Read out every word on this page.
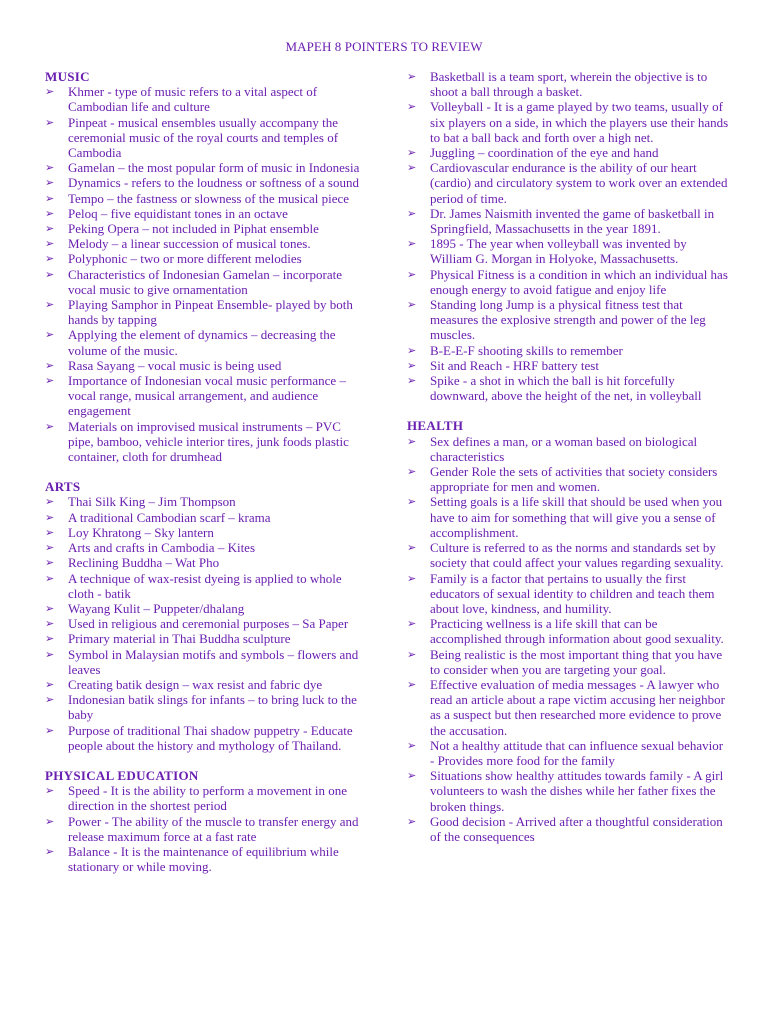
MAPEH 8 POINTERS TO REVIEW
MUSIC
➢	Khmer - type of music refers to a vital aspect of Cambodian life and culture
➢	Pinpeat - musical ensembles usually accompany the ceremonial music of the royal courts and temples of Cambodia
➢	Gamelan – the most popular form of music in Indonesia
➢	Dynamics - refers to the loudness or softness of a sound
➢	Tempo – the fastness or slowness of the musical piece
➢	Peloq – five equidistant tones in an octave
➢	Peking Opera – not included in Piphat ensemble
➢	Melody – a linear succession of musical tones.
➢	Polyphonic – two or more different melodies
➢	Characteristics of Indonesian Gamelan – incorporate vocal music to give ornamentation
➢	Playing Samphor in Pinpeat Ensemble- played by both hands by tapping
➢	Applying the element of dynamics – decreasing the volume of the music.
➢	Rasa Sayang – vocal music is being used
➢	Importance of Indonesian vocal music performance – vocal range, musical arrangement, and audience engagement
➢	Materials on improvised musical instruments – PVC pipe, bamboo, vehicle interior tires, junk foods plastic container, cloth for drumhead
ARTS
➢	Thai Silk King – Jim Thompson
➢	A traditional Cambodian scarf – krama
➢	Loy Khratong – Sky lantern
➢	Arts and crafts in Cambodia – Kites
➢	Reclining Buddha – Wat Pho
➢	A technique of wax-resist dyeing is applied to whole cloth - batik
➢	Wayang Kulit – Puppeter/dhalang
➢	Used in religious and ceremonial purposes – Sa Paper
➢	Primary material in Thai Buddha sculpture
➢	Symbol in Malaysian motifs and symbols – flowers and leaves
➢	Creating batik design – wax resist and fabric dye
➢	Indonesian batik slings for infants – to bring luck to the baby
➢	Purpose of traditional Thai shadow puppetry - Educate people about the history and mythology of Thailand.
PHYSICAL EDUCATION
➢	Speed - It is the ability to perform a movement in one direction in the shortest period
➢	Power - The ability of the muscle to transfer energy and release maximum force at a fast rate
➢	Balance - It is the maintenance of equilibrium while stationary or while moving.
➢	Basketball is a team sport, wherein the objective is to shoot a ball through a basket.
➢	Volleyball - It is a game played by two teams, usually of six players on a side, in which the players use their hands to bat a ball back and forth over a high net.
➢	Juggling – coordination of the eye and hand
➢	Cardiovascular endurance is the ability of our heart (cardio) and circulatory system to work over an extended period of time.
➢	Dr. James Naismith invented the game of basketball in Springfield, Massachusetts in the year 1891.
➢	1895 - The year when volleyball was invented by William G. Morgan in Holyoke, Massachusetts.
➢	Physical Fitness is a condition in which an individual has enough energy to avoid fatigue and enjoy life
➢	Standing long Jump is a physical fitness test that measures the explosive strength and power of the leg muscles.
➢	B-E-E-F shooting skills to remember
➢	Sit and Reach - HRF battery test
➢	Spike - a shot in which the ball is hit forcefully downward, above the height of the net, in volleyball
HEALTH
➢	Sex defines a man, or a woman based on biological characteristics
➢	Gender Role the sets of activities that society considers appropriate for men and women.
➢	Setting goals is a life skill that should be used when you have to aim for something that will give you a sense of accomplishment.
➢	Culture is referred to as the norms and standards set by society that could affect your values regarding sexuality.
➢	Family is a factor that pertains to usually the first educators of sexual identity to children and teach them about love, kindness, and humility.
➢	Practicing wellness is a life skill that can be accomplished through information about good sexuality.
➢	Being realistic is the most important thing that you have to consider when you are targeting your goal.
➢	Effective evaluation of media messages - A lawyer who read an article about a rape victim accusing her neighbor as a suspect but then researched more evidence to prove the accusation.
➢	Not a healthy attitude that can influence sexual behavior - Provides more food for the family
➢	Situations show healthy attitudes towards family - A girl volunteers to wash the dishes while her father fixes the broken things.
➢	Good decision - Arrived after a thoughtful consideration of the consequences
